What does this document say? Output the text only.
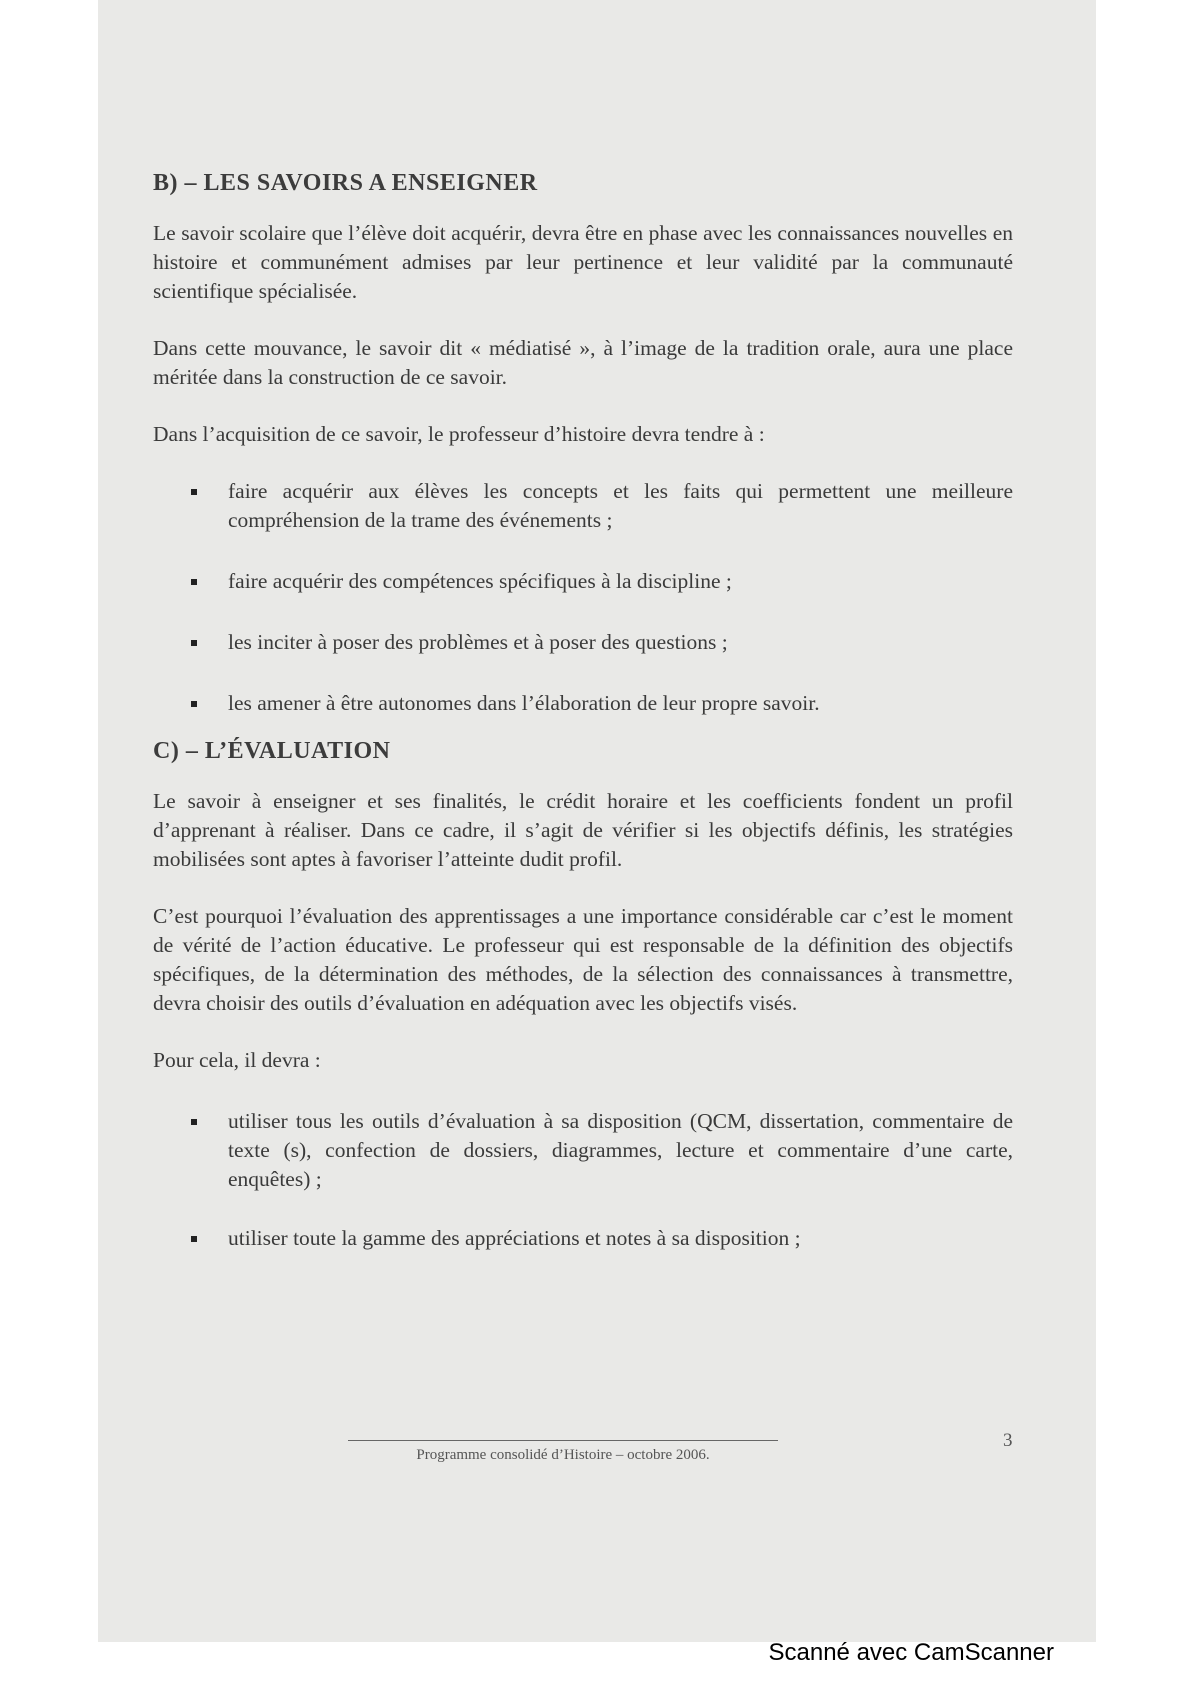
B) – LES SAVOIRS A ENSEIGNER

Le savoir scolaire que l’élève doit acquérir, devra être en phase avec les connaissances nouvelles en histoire et communément admises par leur pertinence et leur validité par la communauté scientifique spécialisée.

Dans cette mouvance, le savoir dit « médiatisé », à l’image de la tradition orale, aura une place méritée dans la construction de ce savoir.

Dans l’acquisition de ce savoir, le professeur d’histoire devra tendre à :

faire acquérir aux élèves les concepts et les faits qui permettent une meilleure compréhension de la trame des événements ;
faire acquérir des compétences spécifiques à la discipline ;
les inciter à poser des problèmes et à poser des questions ;
les amener à être autonomes dans l’élaboration de leur propre savoir.
C) – L’ÉVALUATION

Le savoir à enseigner et ses finalités, le crédit horaire et les coefficients fondent un profil d’apprenant à réaliser. Dans ce cadre, il s’agit de vérifier si les objectifs définis, les stratégies mobilisées sont aptes à favoriser l’atteinte dudit profil.

C’est pourquoi l’évaluation des apprentissages a une importance considérable car c’est le moment de vérité de l’action éducative. Le professeur qui est responsable de la définition des objectifs spécifiques, de la détermination des méthodes, de la sélection des connaissances à transmettre, devra choisir des outils d’évaluation en adéquation avec les objectifs visés.

Pour cela, il devra :

utiliser tous les outils d’évaluation à sa disposition (QCM, dissertation, commentaire de texte (s), confection de dossiers, diagrammes, lecture et commentaire d’une carte, enquêtes) ;
utiliser toute la gamme des appréciations et notes à sa disposition ;
Programme consolidé d’Histoire – octobre 2006.
3
Scanné avec CamScanner
